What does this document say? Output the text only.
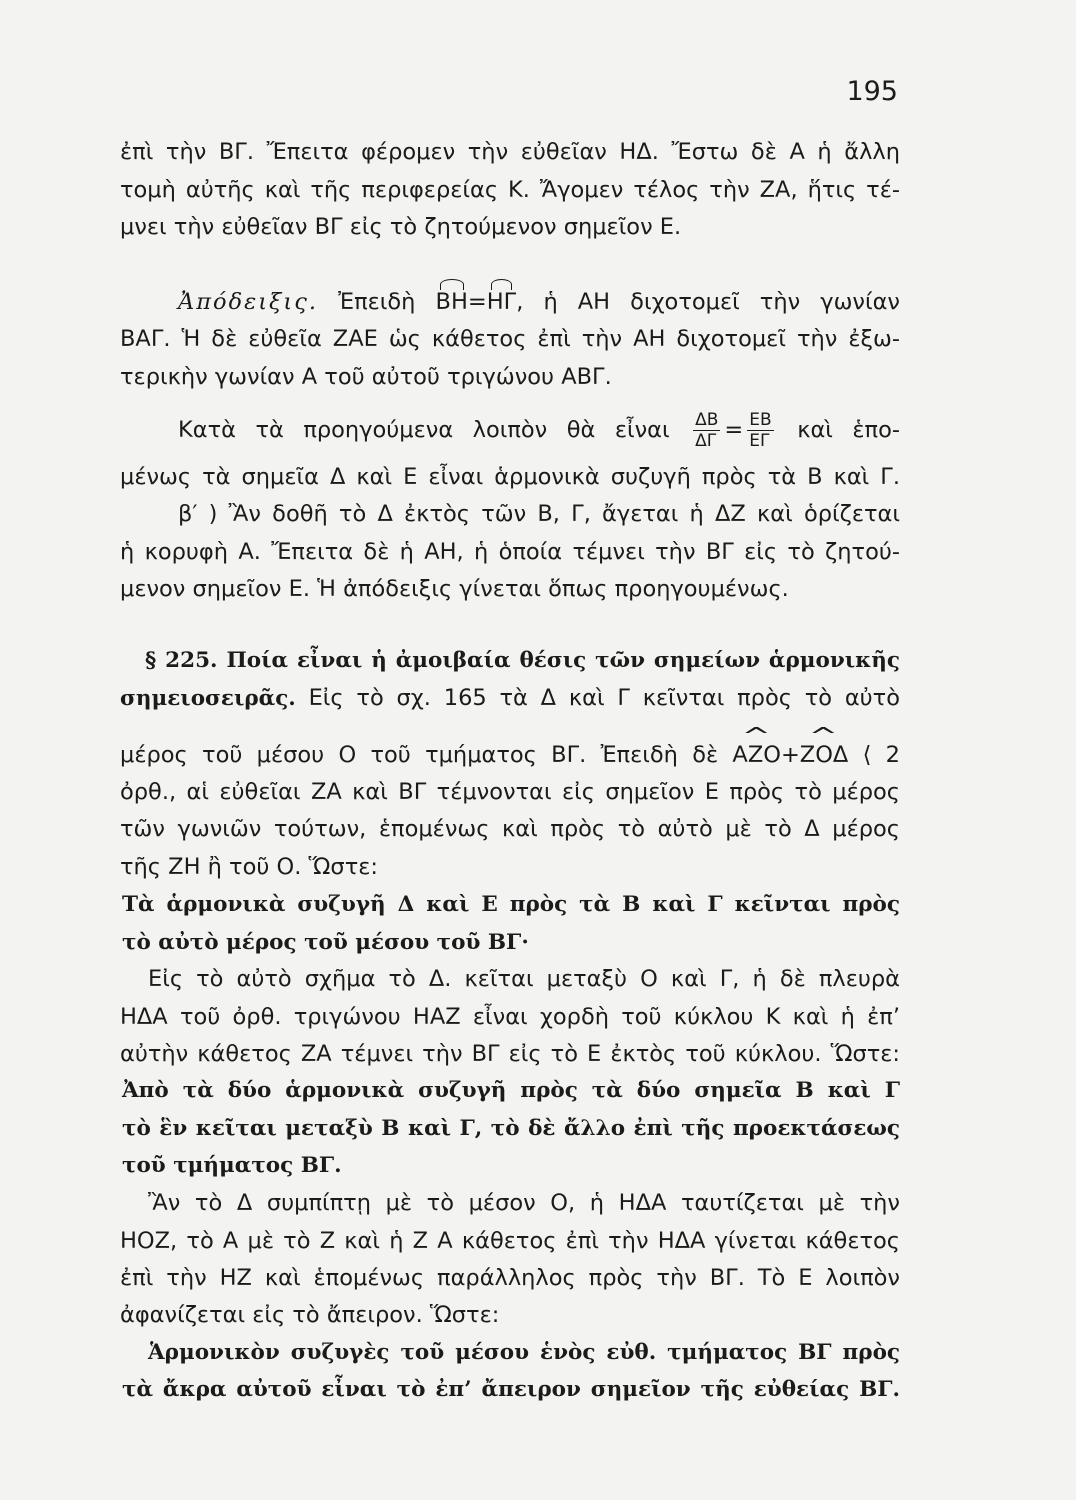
195
ἐπὶ τὴν ΒΓ. Ἔπειτα φέρομεν τὴν εὐθεῖαν ΗΔ. Ἔστω δὲ Α ἡ ἄλλη
τομὴ αὐτῆς καὶ τῆς περιφερείας Κ. Ἄγομεν τέλος τὴν ΖΑ, ἥτις τέ-
μνει τὴν εὐθεῖαν ΒΓ εἰς τὸ ζητούμενον σημεῖον Ε.
Ἀπόδειξις. Ἐπειδὴ ΒΗ=ΗΓ, ἡ ΑΗ διχοτομεῖ τὴν γωνίαν
ΒΑΓ. Ἡ δὲ εὐθεῖα ΖΑΕ ὡς κάθετος ἐπὶ τὴν ΑΗ διχοτομεῖ τὴν ἐξω-
τερικὴν γωνίαν Α τοῦ αὐτοῦ τριγώνου ΑΒΓ.
Κατὰ τὰ προηγούμενα λοιπὸν θὰ εἶναι $\frac{\Delta B}{\Delta\Gamma} = \frac{EB}{E\Gamma}$ καὶ ἑπο-
μένως τὰ σημεῖα Δ καὶ Ε εἶναι ἁρμονικὰ συζυγῆ πρὸς τὰ Β καὶ Γ.
β′ ) Ἂν δοθῆ τὸ Δ ἐκτὸς τῶν Β, Γ, ἄγεται ἡ ΔΖ καὶ ὁρίζεται
ἡ κορυφὴ Α. Ἔπειτα δὲ ἡ ΑΗ, ἡ ὁποία τέμνει τὴν ΒΓ εἰς τὸ ζητού-
μενον σημεῖον Ε. Ἡ ἀπόδειξις γίνεται ὅπως προηγουμένως.
§ 225. Ποία εἶναι ἡ ἀμοιβαία θέσις τῶν σημείων ἁρμονικῆς
σημειοσειρᾶς. Εἰς τὸ σχ. 165 τὰ Δ καὶ Γ κεῖνται πρὸς τὸ αὐτὸ
μέρος τοῦ μέσου Ο τοῦ τμήματος ΒΓ. Ἐπειδὴ δὲ ^ ΑΖΟ+^ ΖΟΔ ⟨ 2
ὀρθ., αἱ εὐθεῖαι ΖΑ καὶ ΒΓ τέμνονται εἰς σημεῖον Ε πρὸς τὸ μέρος
τῶν γωνιῶν τούτων, ἑπομένως καὶ πρὸς τὸ αὐτὸ μὲ τὸ Δ μέρος
τῆς ΖΗ ἢ τοῦ Ο. Ὥστε:
Τὰ ἁρμονικὰ συζυγῆ Δ καὶ Ε πρὸς τὰ Β καὶ Γ κεῖνται πρὸς
τὸ αὐτὸ μέρος τοῦ μέσου τοῦ ΒΓ·
Εἰς τὸ αὐτὸ σχῆμα τὸ Δ. κεῖται μεταξὺ Ο καὶ Γ, ἡ δὲ πλευρὰ
ΗΔΑ τοῦ ὀρθ. τριγώνου ΗΑΖ εἶναι χορδὴ τοῦ κύκλου Κ καὶ ἡ ἐπ’
αὐτὴν κάθετος ΖΑ τέμνει τὴν ΒΓ εἰς τὸ Ε ἐκτὸς τοῦ κύκλου. Ὥστε:
Ἀπὸ τὰ δύο ἁρμονικὰ συζυγῆ πρὸς τὰ δύο σημεῖα Β καὶ Γ
τὸ ἓν κεῖται μεταξὺ Β καὶ Γ, τὸ δὲ ἄλλο ἐπὶ τῆς προεκτάσεως
τοῦ τμήματος ΒΓ.
Ἂν τὸ Δ συμπίπτῃ μὲ τὸ μέσον Ο, ἡ ΗΔΑ ταυτίζεται μὲ τὴν
ΗΟΖ, τὸ Α μὲ τὸ Ζ καὶ ἡ Ζ Α κάθετος ἐπὶ τὴν ΗΔΑ γίνεται κάθετος
ἐπὶ τὴν ΗΖ καὶ ἑπομένως παράλληλος πρὸς τὴν ΒΓ. Τὸ Ε λοιπὸν
ἀφανίζεται εἰς τὸ ἄπειρον. Ὥστε:
Ἁρμονικὸν συζυγὲς τοῦ μέσου ἑνὸς εὐθ. τμήματος ΒΓ πρὸς
τὰ ἄκρα αὐτοῦ εἶναι τὸ ἐπ’ ἄπειρον σημεῖον τῆς εὐθείας ΒΓ.
